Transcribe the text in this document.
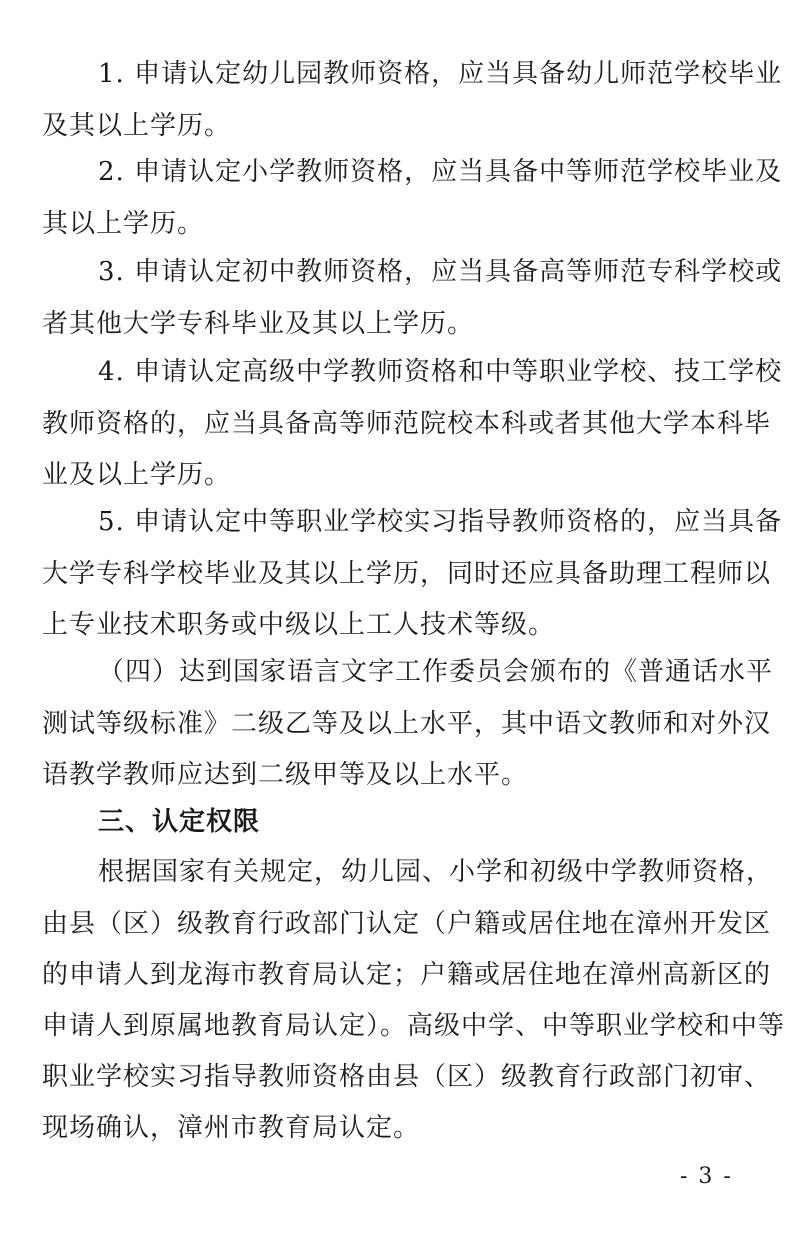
1. 申请认定幼儿园教师资格，应当具备幼儿师范学校毕业
及其以上学历。
2. 申请认定小学教师资格，应当具备中等师范学校毕业及
其以上学历。
3. 申请认定初中教师资格，应当具备高等师范专科学校或
者其他大学专科毕业及其以上学历。
4. 申请认定高级中学教师资格和中等职业学校、技工学校
教师资格的，应当具备高等师范院校本科或者其他大学本科毕
业及以上学历。
5. 申请认定中等职业学校实习指导教师资格的，应当具备
大学专科学校毕业及其以上学历，同时还应具备助理工程师以
上专业技术职务或中级以上工人技术等级。
（四）达到国家语言文字工作委员会颁布的《普通话水平
测试等级标准》二级乙等及以上水平，其中语文教师和对外汉
语教学教师应达到二级甲等及以上水平。
三、认定权限
根据国家有关规定，幼儿园、小学和初级中学教师资格，
由县（区）级教育行政部门认定（户籍或居住地在漳州开发区
的申请人到龙海市教育局认定；户籍或居住地在漳州高新区的
申请人到原属地教育局认定）。高级中学、中等职业学校和中等
职业学校实习指导教师资格由县（区）级教育行政部门初审、
现场确认，漳州市教育局认定。
- 3 -
